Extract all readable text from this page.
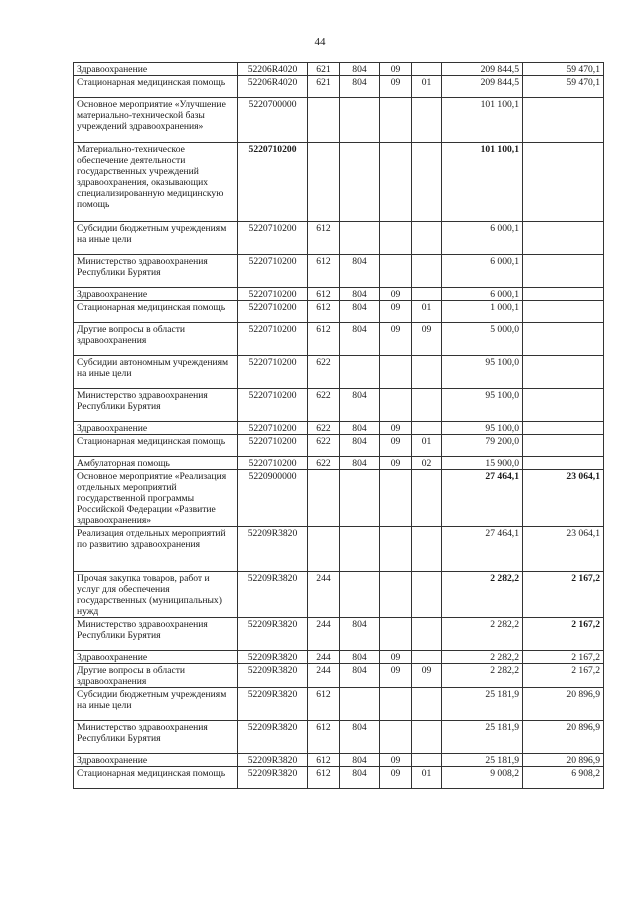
44
Здравоохранение	52206R4020	621	804	09		209 844,5	59 470,1
Стационарная медицинская помощь	52206R4020	621	804	09	01	209 844,5	59 470,1
Основное мероприятие «Улучшение материально-технической базы учреждений здравоохранения»	5220700000					101 100,1	
Материально-техническое обеспечение деятельности государственных учреждений здравоохранения, оказывающих специализированную медицинскую помощь	5220710200					101 100,1	
Субсидии бюджетным учреждениям на иные цели	5220710200	612				6 000,1	
Министерство здравоохранения Республики Бурятия	5220710200	612	804			6 000,1	
Здравоохранение	5220710200	612	804	09		6 000,1	
Стационарная медицинская помощь	5220710200	612	804	09	01	1 000,1	
Другие вопросы в области здравоохранения	5220710200	612	804	09	09	5 000,0	
Субсидии автономным учреждениям на иные цели	5220710200	622				95 100,0	
Министерство здравоохранения Республики Бурятия	5220710200	622	804			95 100,0	
Здравоохранение	5220710200	622	804	09		95 100,0	
Стационарная медицинская помощь	5220710200	622	804	09	01	79 200,0	
Амбулаторная помощь	5220710200	622	804	09	02	15 900,0	
Основное мероприятие «Реализация отдельных мероприятий государственной программы Российской Федерации «Развитие здравоохранения»	5220900000					27 464,1	23 064,1
Реализация отдельных мероприятий по развитию здравоохранения	52209R3820					27 464,1	23 064,1
Прочая закупка товаров, работ и услуг для обеспечения государственных (муниципальных) нужд	52209R3820	244				2 282,2	2 167,2
Министерство здравоохранения Республики Бурятия	52209R3820	244	804			2 282,2	2 167,2
Здравоохранение	52209R3820	244	804	09		2 282,2	2 167,2
Другие вопросы в области здравоохранения	52209R3820	244	804	09	09	2 282,2	2 167,2
Субсидии бюджетным учреждениям на иные цели	52209R3820	612				25 181,9	20 896,9
Министерство здравоохранения Республики Бурятия	52209R3820	612	804			25 181,9	20 896,9
Здравоохранение	52209R3820	612	804	09		25 181,9	20 896,9
Стационарная медицинская помощь	52209R3820	612	804	09	01	9 008,2	6 908,2
